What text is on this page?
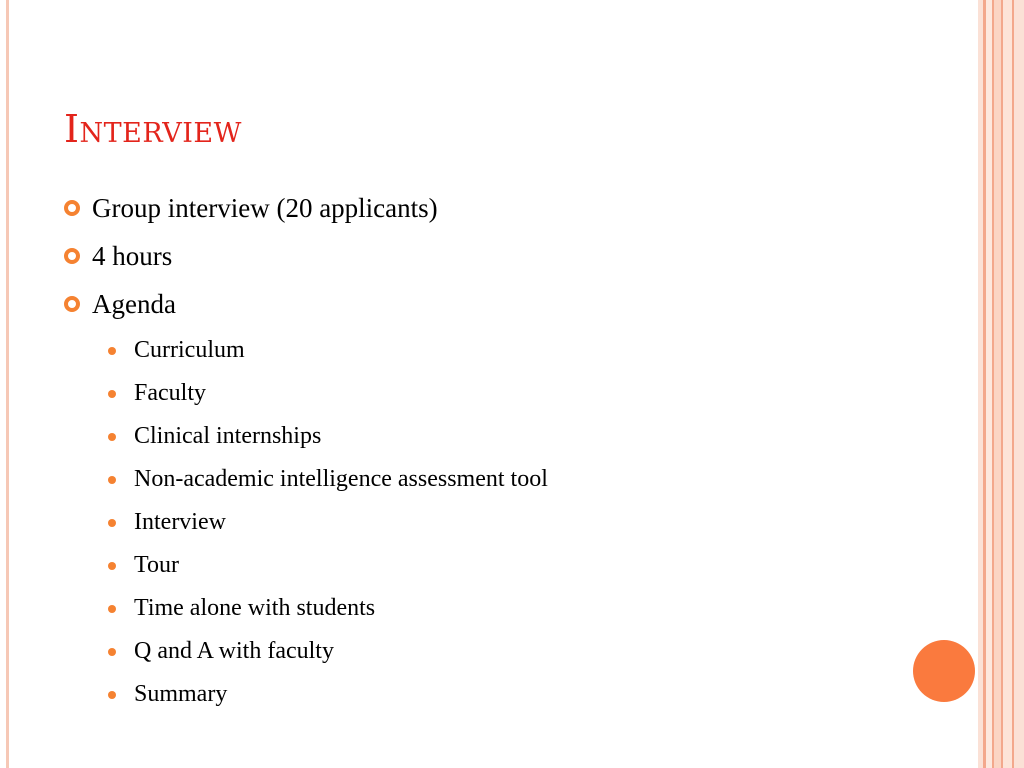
Interview
Group interview (20 applicants)
4 hours
Agenda
Curriculum
Faculty
Clinical internships
Non-academic intelligence assessment tool
Interview
Tour
Time alone with students
Q and A with faculty
Summary
